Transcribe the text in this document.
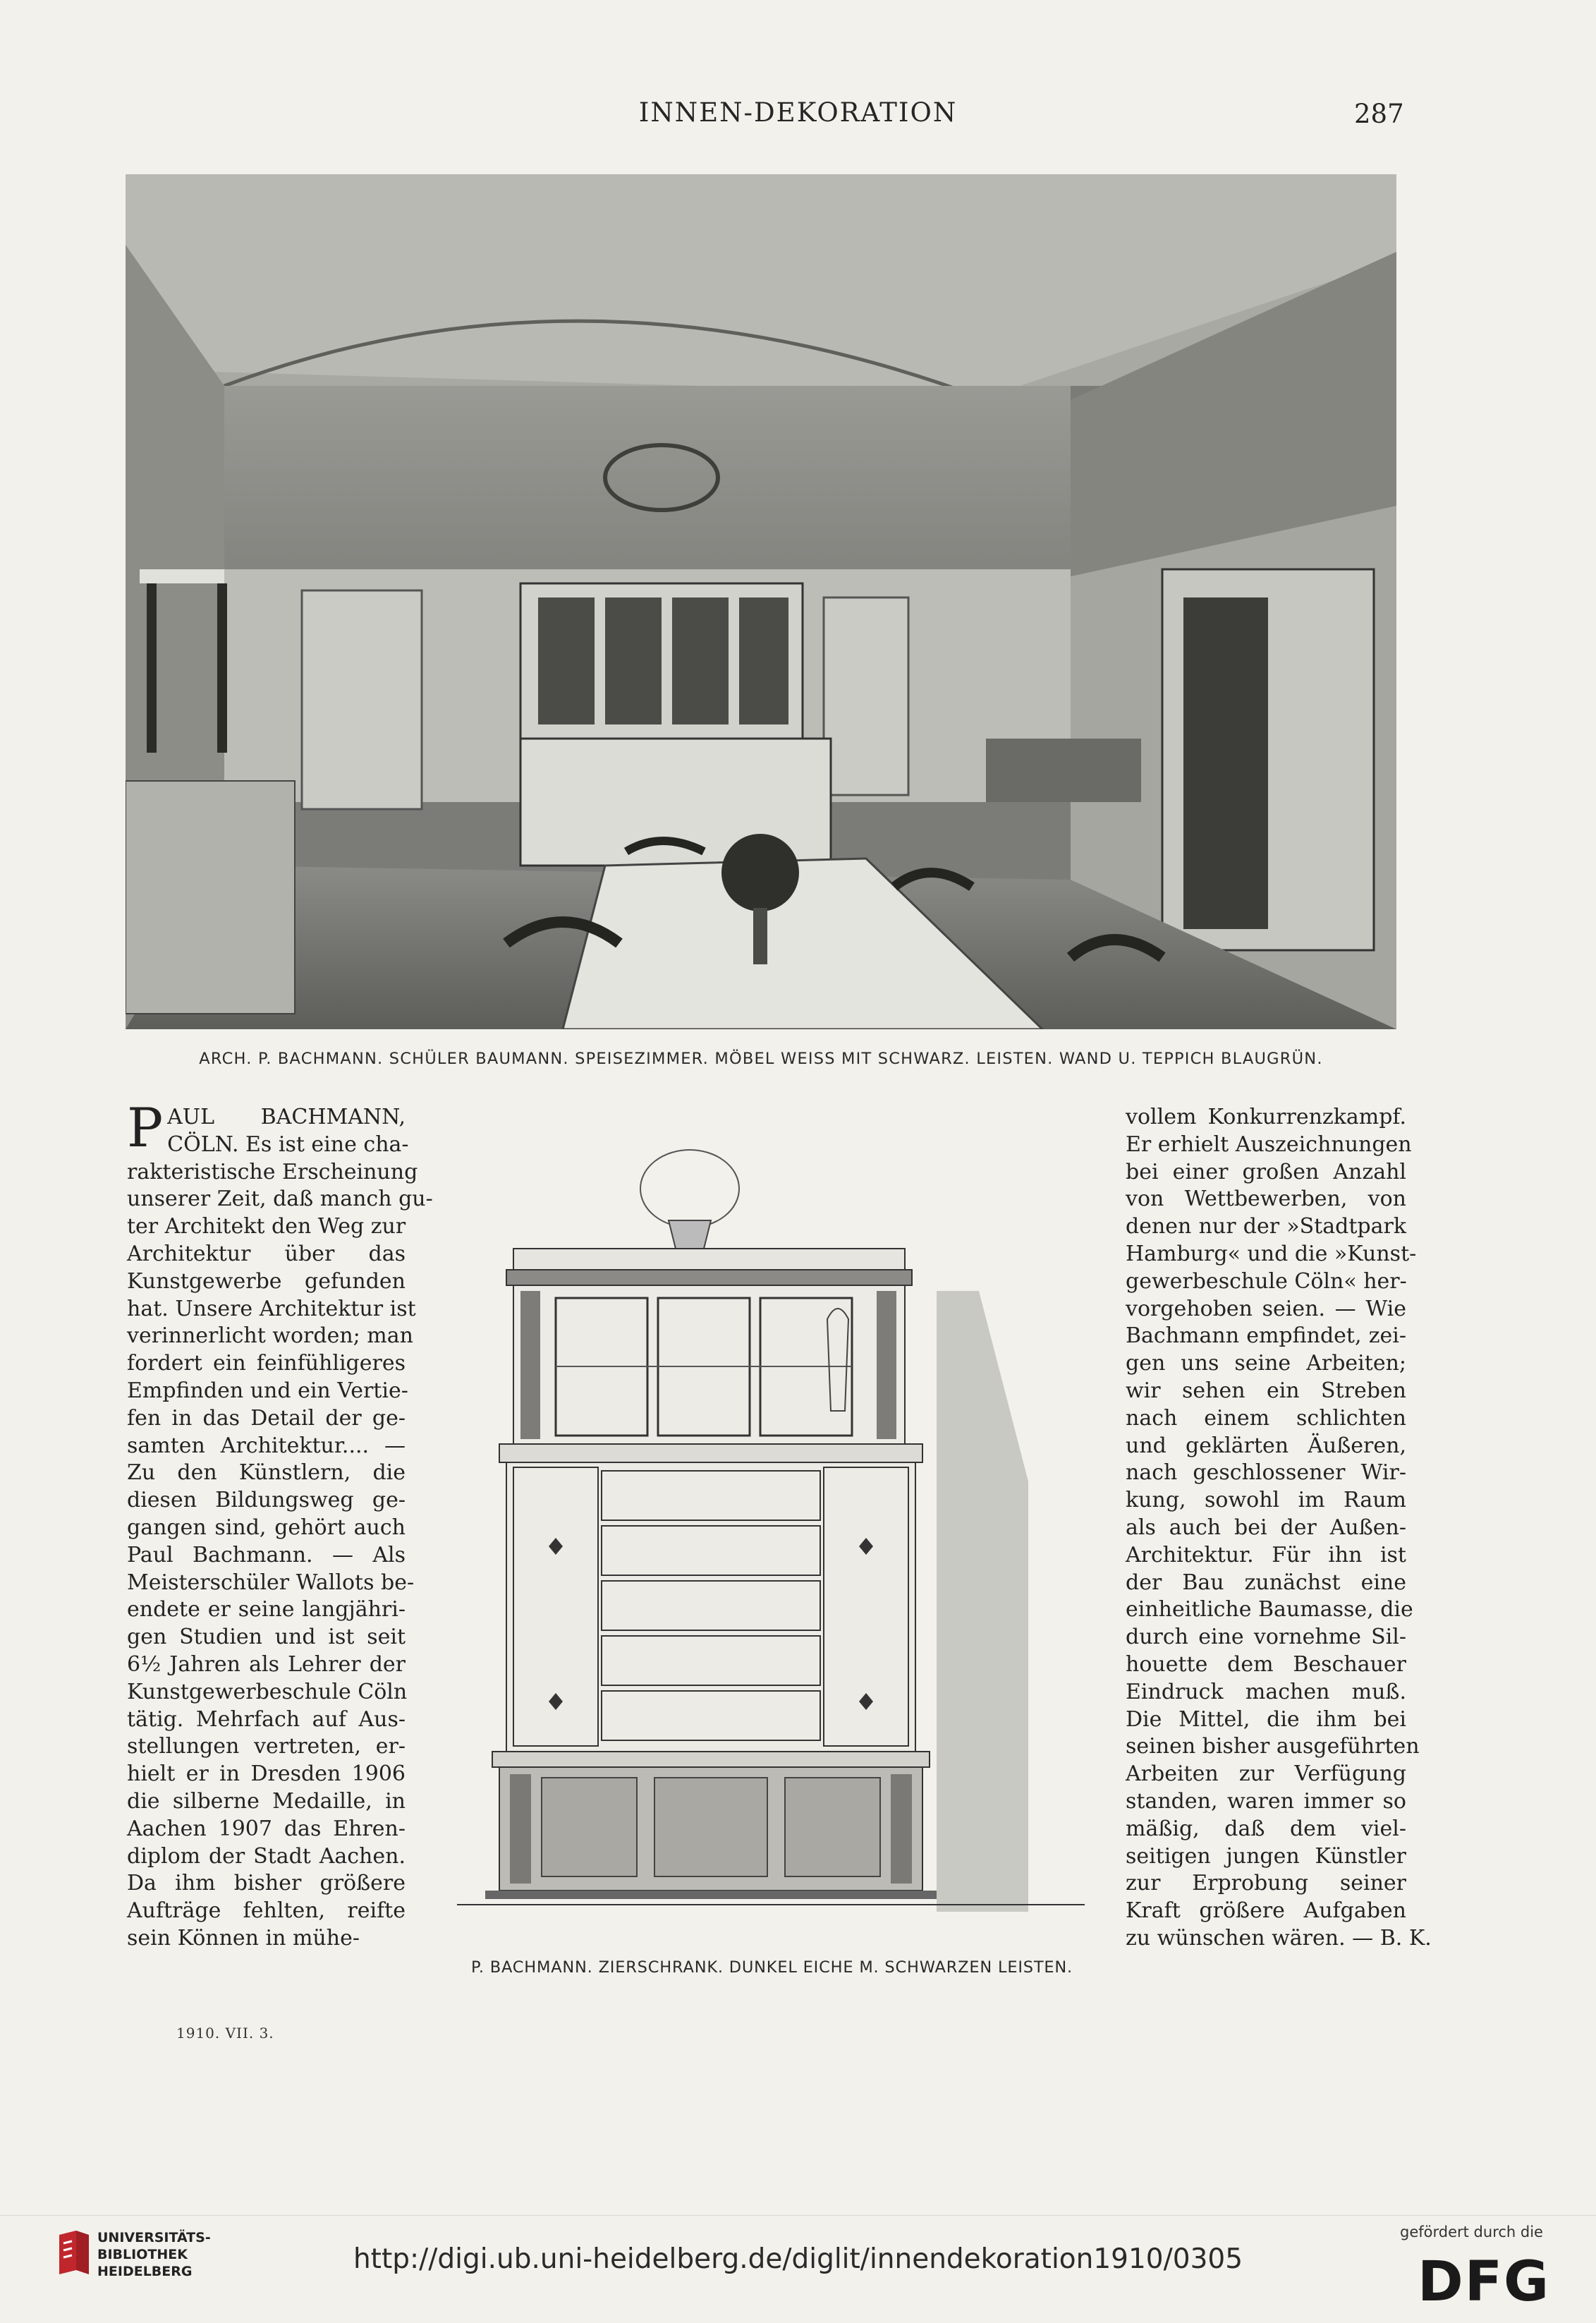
INNEN-DEKORATION	287
ARCH. P. BACHMANN. SCHÜLER BAUMANN. SPEISEZIMMER. MÖBEL WEISS MIT SCHWARZ. LEISTEN. WAND U. TEPPICH BLAUGRÜN.
P AUL BACHMANN,

CÖLN. Es ist eine cha-

rakteristische Erscheinung

unserer Zeit, daß manch gu-

ter Architekt den Weg zur

Architektur über das

Kunstgewerbe gefunden

hat. Unsere Architektur ist

verinnerlicht worden; man

fordert ein feinfühligeres

Empfinden und ein Vertie-

fen in das Detail der ge-

samten Architektur.... —

Zu den Künstlern, die

diesen Bildungsweg ge-

gangen sind, gehört auch

Paul Bachmann. — Als

Meisterschüler Wallots be-

endete er seine langjähri-

gen Studien und ist seit

6½ Jahren als Lehrer der

Kunstgewerbeschule Cöln

tätig. Mehrfach auf Aus-

stellungen vertreten, er-

hielt er in Dresden 1906

die silberne Medaille, in

Aachen 1907 das Ehren-

diplom der Stadt Aachen.

Da ihm bisher größere

Aufträge fehlten, reifte

sein Können in mühe-

P. BACHMANN. ZIERSCHRANK. DUNKEL EICHE M. SCHWARZEN LEISTEN.

vollem Konkurrenzkampf.

Er erhielt Auszeichnungen

bei einer großen Anzahl

von Wettbewerben, von

denen nur der »Stadtpark

Hamburg« und die »Kunst-

gewerbeschule Cöln« her-

vorgehoben seien. — Wie

Bachmann empfindet, zei-

gen uns seine Arbeiten;

wir sehen ein Streben

nach einem schlichten

und geklärten Äußeren,

nach geschlossener Wir-

kung, sowohl im Raum

als auch bei der Außen-

Architektur. Für ihn ist

der Bau zunächst eine

einheitliche Baumasse, die

durch eine vornehme Sil-

houette dem Beschauer

Eindruck machen muß.

Die Mittel, die ihm bei

seinen bisher ausgeführten

Arbeiten zur Verfügung

standen, waren immer so

mäßig, daß dem viel-

seitigen jungen Künstler

zur Erprobung seiner

Kraft größere Aufgaben

zu wünschen wären. — B. K.

1910. VII. 3.
UNIVERSITÄTS-
BIBLIOTHEK
HEIDELBERG	http://digi.ub.uni-heidelberg.de/diglit/innendekoration1910/0305
gefördert durch die
DFG
